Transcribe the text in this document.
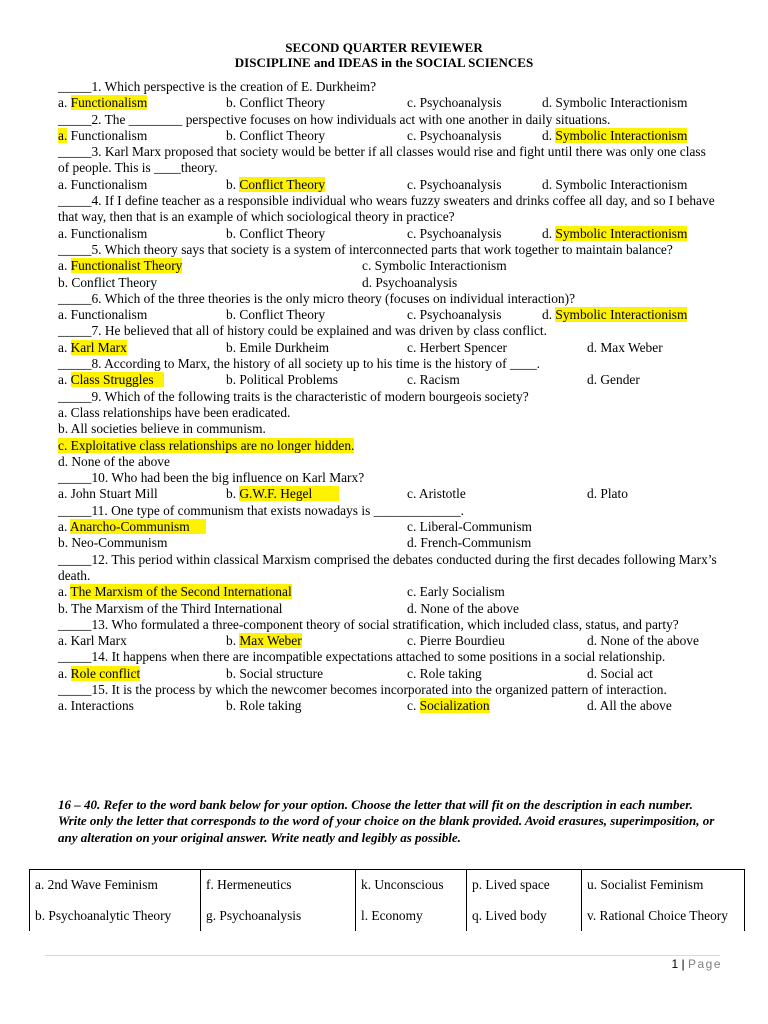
SECOND QUARTER REVIEWER
DISCIPLINE and IDEAS in the SOCIAL SCIENCES
_____1. Which perspective is the creation of E. Durkheim?
a. Functionalism	b. Conflict Theory	c. Psychoanalysis	d. Symbolic Interactionism
_____2. The ________ perspective focuses on how individuals act with one another in daily situations.
a. Functionalism	b. Conflict Theory	c. Psychoanalysis	d. Symbolic Interactionism
_____3. Karl Marx proposed that society would be better if all classes would rise and fight until there was only one class of people. This is ____theory.
a. Functionalism	b. Conflict Theory	c. Psychoanalysis	d. Symbolic Interactionism
_____4. If I define teacher as a responsible individual who wears fuzzy sweaters and drinks coffee all day, and so I behave that way, then that is an example of which sociological theory in practice?
a. Functionalism	b. Conflict Theory	c. Psychoanalysis	d. Symbolic Interactionism
_____5. Which theory says that society is a system of interconnected parts that work together to maintain balance?
a. Functionalist Theory	c. Symbolic Interactionism
b. Conflict Theory	d. Psychoanalysis
_____6. Which of the three theories is the only micro theory (focuses on individual interaction)?
a. Functionalism	b. Conflict Theory	c. Psychoanalysis	d. Symbolic Interactionism
_____7. He believed that all of history could be explained and was driven by class conflict.
a. Karl Marx	b. Emile Durkheim	c. Herbert Spencer	d. Max Weber
_____8. According to Marx, the history of all society up to his time is the history of ____.
a. Class Struggles	b. Political Problems	c. Racism	d. Gender
_____9. Which of the following traits is the characteristic of modern bourgeois society?
a. Class relationships have been eradicated.
b. All societies believe in communism.
c. Exploitative class relationships are no longer hidden.
d. None of the above
_____10. Who had been the big influence on Karl Marx?
a. John Stuart Mill	b. G.W.F. Hegel	c. Aristotle	d. Plato
_____11. One type of communism that exists nowadays is _____________.
a. Anarcho-Communism	c. Liberal-Communism
b. Neo-Communism	d. French-Communism
_____12. This period within classical Marxism comprised the debates conducted during the first decades following Marx’s death.
a. The Marxism of the Second International	c. Early Socialism
b. The Marxism of the Third International	d. None of the above
_____13. Who formulated a three-component theory of social stratification, which included class, status, and party?
a. Karl Marx	b. Max Weber	c. Pierre Bourdieu	d. None of the above
_____14. It happens when there are incompatible expectations attached to some positions in a social relationship.
a. Role conflict	b. Social structure	c. Role taking	d. Social act
_____15. It is the process by which the newcomer becomes incorporated into the organized pattern of interaction.
a. Interactions	b. Role taking	c. Socialization	d. All the above
16 – 40. Refer to the word bank below for your option. Choose the letter that will fit on the description in each number. Write only the letter that corresponds to the word of your choice on the blank provided. Avoid erasures, superimposition, or any alteration on your original answer. Write neatly and legibly as possible.
a. 2nd Wave Feminism	f. Hermeneutics	k. Unconscious	p. Lived space	u. Socialist Feminism
b. Psychoanalytic Theory	g. Psychoanalysis	l. Economy	q. Lived body	v. Rational Choice Theory
1 | Page
